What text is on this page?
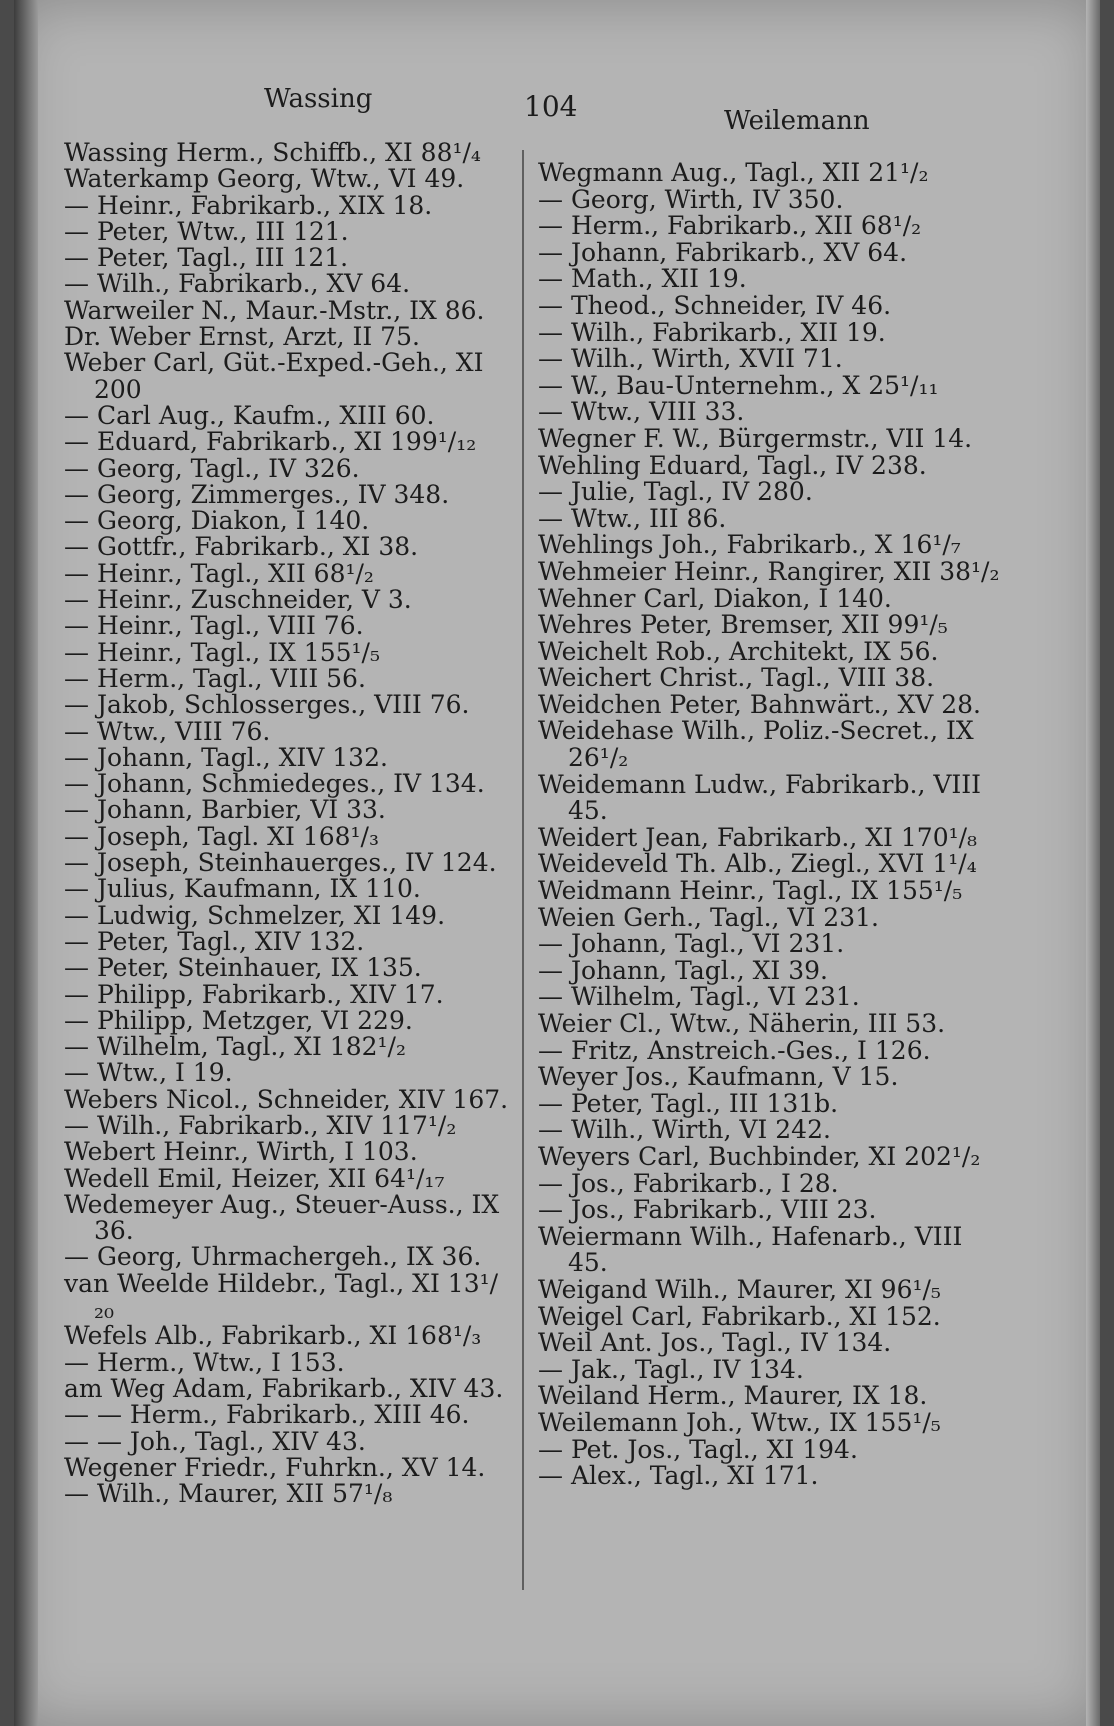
Wassing	104	Weilemann
Wassing Herm., Schiffb., XI 88¹/₄
Waterkamp Georg, Wtw., VI 49.
— Heinr., Fabrikarb., XIX 18.
— Peter, Wtw., III 121.
— Peter, Tagl., III 121.
— Wilh., Fabrikarb., XV 64.
Warweiler N., Maur.-Mstr., IX 86.
Dr. Weber Ernst, Arzt, II 75.
Weber Carl, Güt.-Exped.-Geh., XI 200
— Carl Aug., Kaufm., XIII 60.
— Eduard, Fabrikarb., XI 199¹/₁₂
— Georg, Tagl., IV 326.
— Georg, Zimmerges., IV 348.
— Georg, Diakon, I 140.
— Gottfr., Fabrikarb., XI 38.
— Heinr., Tagl., XII 68¹/₂
— Heinr., Zuschneider, V 3.
— Heinr., Tagl., VIII 76.
— Heinr., Tagl., IX 155¹/₅
— Herm., Tagl., VIII 56.
— Jakob, Schlosserges., VIII 76.
— Wtw., VIII 76.
— Johann, Tagl., XIV 132.
— Johann, Schmiedeges., IV 134.
— Johann, Barbier, VI 33.
— Joseph, Tagl. XI 168¹/₃
— Joseph, Steinhauerges., IV 124.
— Julius, Kaufmann, IX 110.
— Ludwig, Schmelzer, XI 149.
— Peter, Tagl., XIV 132.
— Peter, Steinhauer, IX 135.
— Philipp, Fabrikarb., XIV 17.
— Philipp, Metzger, VI 229.
— Wilhelm, Tagl., XI 182¹/₂
— Wtw., I 19.
Webers Nicol., Schneider, XIV 167.
— Wilh., Fabrikarb., XIV 117¹/₂
Webert Heinr., Wirth, I 103.
Wedell Emil, Heizer, XII 64¹/₁₇
Wedemeyer Aug., Steuer-Auss., IX 36.
— Georg, Uhrmachergeh., IX 36.
van Weelde Hildebr., Tagl., XI 13¹/₂₀
Wefels Alb., Fabrikarb., XI 168¹/₃
— Herm., Wtw., I 153.
am Weg Adam, Fabrikarb., XIV 43.
— — Herm., Fabrikarb., XIII 46.
— — Joh., Tagl., XIV 43.
Wegener Friedr., Fuhrkn., XV 14.
— Wilh., Maurer, XII 57¹/₈
Wegmann Aug., Tagl., XII 21¹/₂
— Georg, Wirth, IV 350.
— Herm., Fabrikarb., XII 68¹/₂
— Johann, Fabrikarb., XV 64.
— Math., XII 19.
— Theod., Schneider, IV 46.
— Wilh., Fabrikarb., XII 19.
— Wilh., Wirth, XVII 71.
— W., Bau-Unternehm., X 25¹/₁₁
— Wtw., VIII 33.
Wegner F. W., Bürgermstr., VII 14.
Wehling Eduard, Tagl., IV 238.
— Julie, Tagl., IV 280.
— Wtw., III 86.
Wehlings Joh., Fabrikarb., X 16¹/₇
Wehmeier Heinr., Rangirer, XII 38¹/₂
Wehner Carl, Diakon, I 140.
Wehres Peter, Bremser, XII 99¹/₅
Weichelt Rob., Architekt, IX 56.
Weichert Christ., Tagl., VIII 38.
Weidchen Peter, Bahnwärt., XV 28.
Weidehase Wilh., Poliz.-Secret., IX 26¹/₂
Weidemann Ludw., Fabrikarb., VIII 45.
Weidert Jean, Fabrikarb., XI 170¹/₈
Weideveld Th. Alb., Ziegl., XVI 1¹/₄
Weidmann Heinr., Tagl., IX 155¹/₅
Weien Gerh., Tagl., VI 231.
— Johann, Tagl., VI 231.
— Johann, Tagl., XI 39.
— Wilhelm, Tagl., VI 231.
Weier Cl., Wtw., Näherin, III 53.
— Fritz, Anstreich.-Ges., I 126.
Weyer Jos., Kaufmann, V 15.
— Peter, Tagl., III 131b.
— Wilh., Wirth, VI 242.
Weyers Carl, Buchbinder, XI 202¹/₂
— Jos., Fabrikarb., I 28.
— Jos., Fabrikarb., VIII 23.
Weiermann Wilh., Hafenarb., VIII 45.
Weigand Wilh., Maurer, XI 96¹/₅
Weigel Carl, Fabrikarb., XI 152.
Weil Ant. Jos., Tagl., IV 134.
— Jak., Tagl., IV 134.
Weiland Herm., Maurer, IX 18.
Weilemann Joh., Wtw., IX 155¹/₅
— Pet. Jos., Tagl., XI 194.
— Alex., Tagl., XI 171.
